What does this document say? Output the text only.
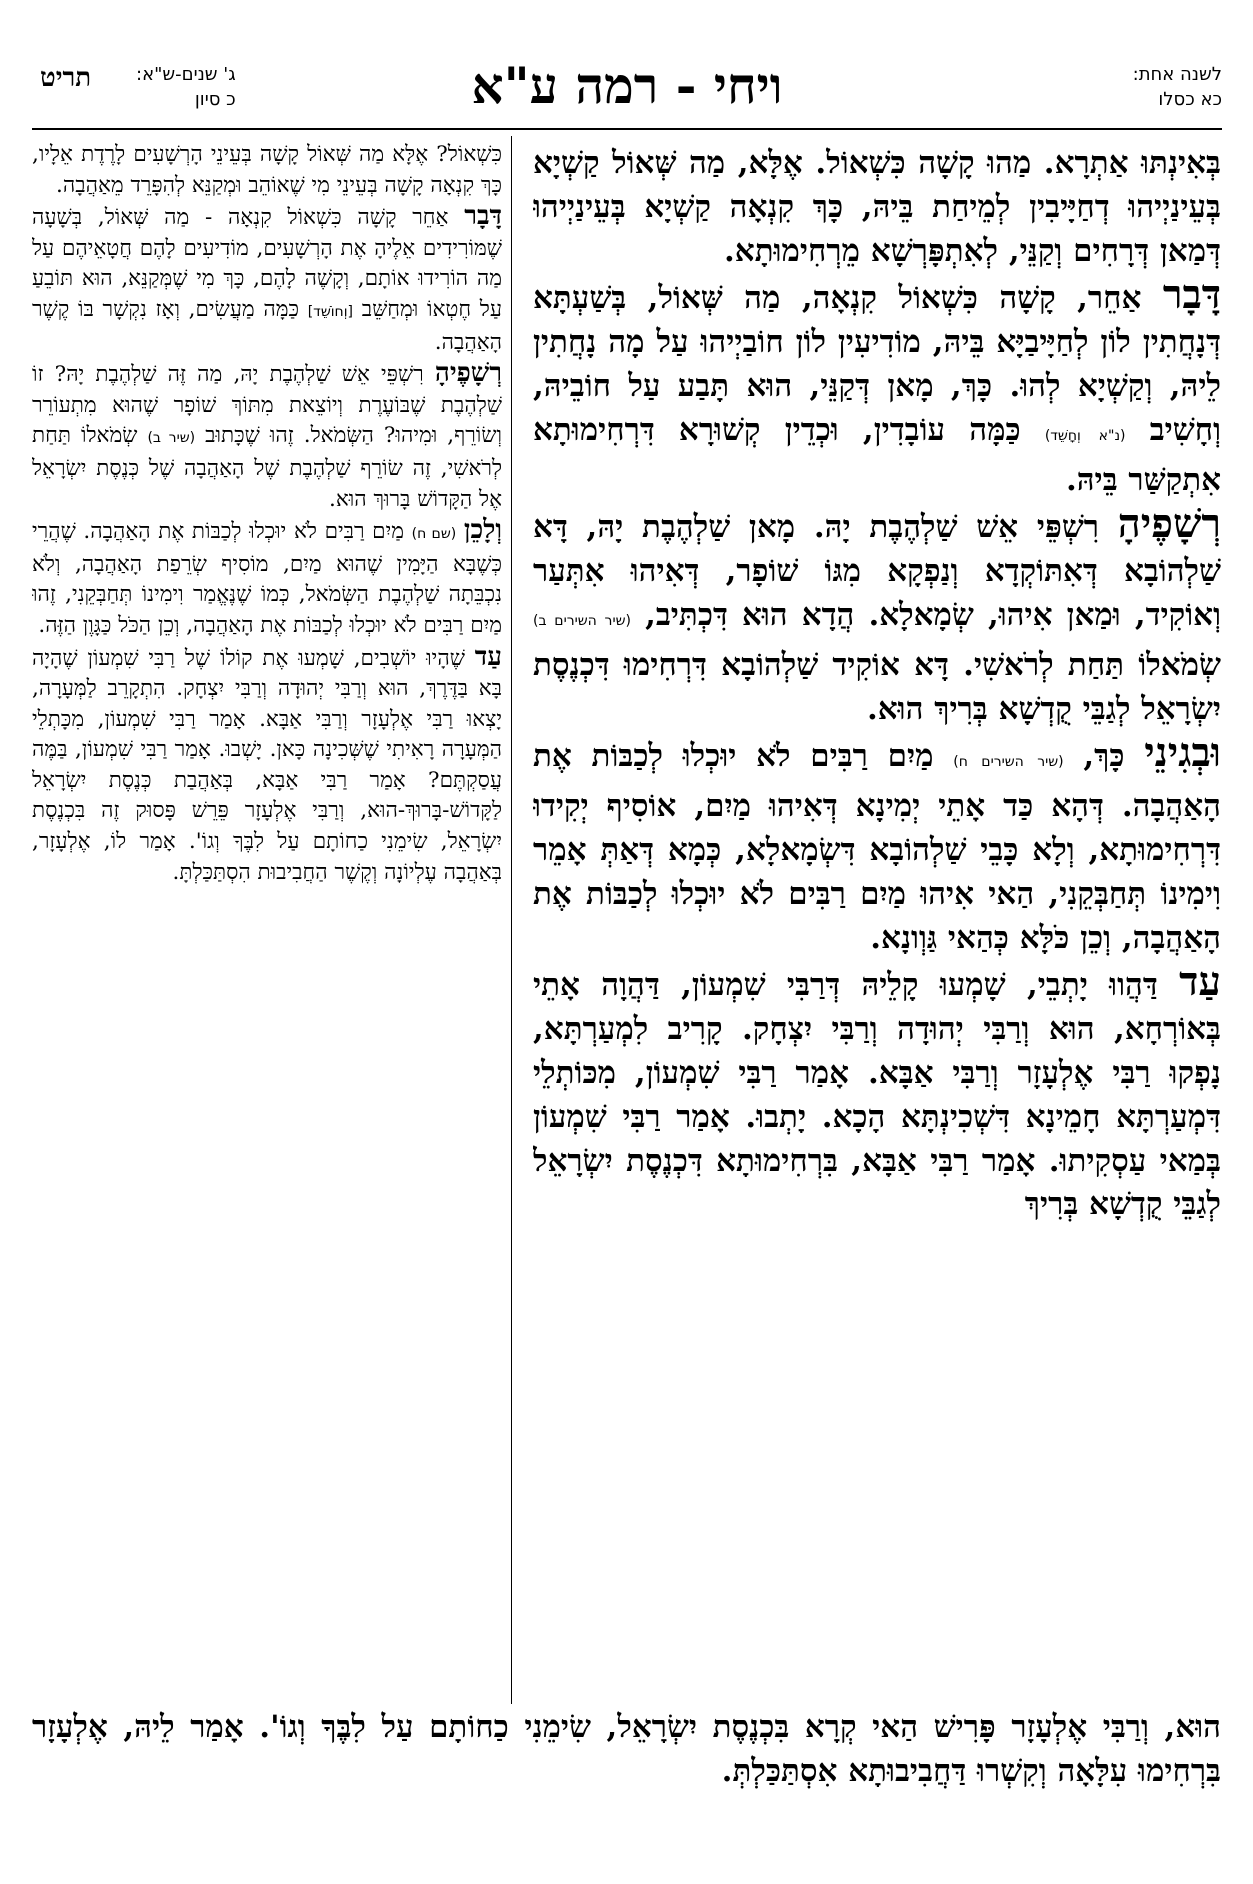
לשנה אחת:
כא כסלו
ויחי - רמה ע"א
ג' שנים-ש"א:
כ סיון
תריט

בְּאִינְתּוּ אַתְרָא. מַהוּ קָשָׁה כִּשְׁאוֹל. אֶלָּא, מַה שְּׁאוֹל קַשְׁיָא בְּעֵינַיְיהוּ דְחַיָּיבִין לְמֵיחַת בֵּיהּ, כָּךְ קִנְאָה קַשְׁיָא בְּעֵינַיְיהוּ דְּמַאן דְּרָחִים וְקַנֵּי, לְאִתְפָּרְשָׁא מֵרְחִימוּתָא.

דָּבָר אַחֵר, קָשָׁה כִּשְׁאוֹל קִנְאָה, מַה שְּׁאוֹל, בְּשַׁעְתָּא דְּנָחֲתִין לוֹן לְחַיָּיבַיָּא בֵּיהּ, מוֹדִיעִין לוֹן חוֹבַיְיהוּ עַל מָה נָחֲתִין לֵיהּ, וְקַשְׁיָא לְהוּ. כָּךְ, מָאן דְּקַנֵּי, הוּא תָּבַע עַל חוֹבֵיהּ, וְחָשִׁיב (נ"א וְחָשֵׁד) כַּמָּה עוֹבָדִין, וּכְדֵין קְשׁוּרָא דִּרְחִימוּתָא אִתְקַשַּׁר בֵּיהּ.

רְשָׁפֶיהָ רִשְׁפֵּי אֵשׁ שַׁלְהֶבֶת יָהּ. מָאן שַׁלְהֶבֶת יָהּ, דָּא שַׁלְהוֹבָא דְּאִתּוֹקְדָא וְנַפְקָא מִגּוֹ שׁוֹפָר, דְּאִיהוּ אִתְּעַר וְאוֹקִיד, וּמַאן אִיהוּ, שְׂמָאלָא. הֲדָא הוּא דִּכְתִּיב, (שיר השירים ב) שְׂמֹאלוֹ תַּחַת לְרֹאשִׁי. דָּא אוֹקִיד שַׁלְהוֹבָא דִּרְחִימוּ דִּכְנֶסֶת יִשְׂרָאֵל לְגַבֵּי קֻדְשָׁא בְּרִיךְ הוּא.

וּבְגִינֵי כָּךְ, (שיר השירים ח) מַיִם רַבִּים לֹא יוּכְלוּ לְכַבּוֹת אֶת הָאַהֲבָה. דְּהָא כַּד אָתֵי יְמִינָא דְּאִיהוּ מַיִם, אוֹסִיף יְקִידוּ דִּרְחִימוּתָא, וְלָא כָּבֵי שַׁלְהוֹבָא דִּשְׂמָאלָא, כְּמָא דְּאַתְּ אָמֵר וִימִינוֹ תְּחַבְּקֵנִי, הַאי אִיהוּ מַיִם רַבִּים לֹא יוּכְלוּ לְכַבּוֹת אֶת הָאַהֲבָה, וְכֵן כֹּלָּא כְּהַאי גַּוְונָא.

עַד דַּהֲווּ יָתְבֵי, שָׁמְעוּ קָלֵיהּ דְּרַבִּי שִׁמְעוֹן, דַּהֲוָה אָתֵי בְּאוֹרְחָא, הוּא וְרַבִּי יְהוּדָה וְרַבִּי יִצְחָק. קָרִיב לִמְעַרְתָּא, נָפְקוּ רַבִּי אֶלְעָזָר וְרַבִּי אַבָּא. אָמַר רַבִּי שִׁמְעוֹן, מִכּוֹתְלֵי דִּמְעַרְתָּא חָמֵינָא דִּשְׁכִינְתָּא הָכָא. יָתְבוּ. אָמַר רַבִּי שִׁמְעוֹן בְּמַאי עַסְקִיתוּ. אָמַר רַבִּי אַבָּא, בִּרְחִימוּתָא דִּכְנֶסֶת יִשְׂרָאֵל לְגַבֵּי קֻדְשָׁא בְּרִיךְ

כִּשְׁאוֹל? אֶלָּא מַה שְּׁאוֹל קָשָׁה בְּעֵינֵי הָרְשָׁעִים לָרֶדֶת אֵלָיו, כָּךְ קִנְאָה קָשָׁה בְּעֵינֵי מִי שֶׁאוֹהֵב וּמְקַנֵּא לְהִפָּרֵד מֵאַהֲבָה.

דָּבָר אַחֵר קָשָׁה כִּשְׁאוֹל קִנְאָה - מַה שְּׁאוֹל, בְּשָׁעָה שֶׁמּוֹרִידִים אֵלֶיהָ אֶת הָרְשָׁעִים, מוֹדִיעִים לָהֶם חֲטָאֵיהֶם עַל מַה הוֹרִידוּ אוֹתָם, וְקָשֶׁה לָהֶם, כָּךְ מִי שֶׁמְּקַנֵּא, הוּא תּוֹבֵעַ עַל חֶטְאוֹ וּמְחַשֵּׁב [וְחוֹשֵׁד] כַּמָּה מַעֲשִׂים, וְאָז נִקְשָׁר בּוֹ קֶשֶׁר הָאַהֲבָה.

רְשָׁפֶיהָ רִשְׁפֵּי אֵשׁ שַׁלְהֶבֶת יָהּ, מַה זֶּה שַׁלְהֶבֶת יָהּ? זוֹ שַׁלְהֶבֶת שֶׁבּוֹעֶרֶת וְיוֹצֵאת מִתּוֹךְ שׁוֹפָר שֶׁהוּא מִתְעוֹרֵר וְשׂוֹרֵף, וּמִיהוּ? הַשְּׂמֹאל. זֶהוּ שֶׁכָּתוּב (שיר ב) שְׂמֹאלוֹ תַּחַת לְרֹאשִׁי, זֶה שׂוֹרֵף שַׁלְהֶבֶת שֶׁל הָאַהֲבָה שֶׁל כְּנֶסֶת יִשְׂרָאֵל אֶל הַקָּדוֹשׁ בָּרוּךְ הוּא.

וְלָכֵן (שם ח) מַיִם רַבִּים לֹא יוּכְלוּ לְכַבּוֹת אֶת הָאַהֲבָה. שֶׁהֲרֵי כְּשֶׁבָּא הַיָּמִין שֶׁהוּא מַיִם, מוֹסִיף שְׂרֵפַת הָאַהֲבָה, וְלֹא נִכְבֵּתָה שַׁלְהֶבֶת הַשְּׂמֹאל, כְּמוֹ שֶׁנֶּאֱמַר וִימִינוֹ תְּחַבְּקֵנִי, זֶהוּ מַיִם רַבִּים לֹא יוּכְלוּ לְכַבּוֹת אֶת הָאַהֲבָה, וְכֵן הַכֹּל כַּגָּוֶן הַזֶּה.

עַד שֶׁהָיוּ יוֹשְׁבִים, שָׁמְעוּ אֶת קוֹלוֹ שֶׁל רַבִּי שִׁמְעוֹן שֶׁהָיָה בָּא בַּדֶּרֶךְ, הוּא וְרַבִּי יְהוּדָה וְרַבִּי יִצְחָק. הִתְקָרֵב לַמְּעָרָה, יָצְאוּ רַבִּי אֶלְעָזָר וְרַבִּי אַבָּא. אָמַר רַבִּי שִׁמְעוֹן, מִכָּתְלֵי הַמְּעָרָה רָאִיתִי שֶׁשְּׁכִינָה כָּאן. יָשְׁבוּ. אָמַר רַבִּי שִׁמְעוֹן, בַּמֶּה עֲסַקְתֶּם? אָמַר רַבִּי אַבָּא, בְּאַהֲבַת כְּנֶסֶת יִשְׂרָאֵל לַקָּדוֹשׁ-בָּרוּךְ-הוּא, וְרַבִּי אֶלְעָזָר פֵּרֵשׁ פָּסוּק זֶה בִּכְנֶסֶת יִשְׂרָאֵל, שִׂימֵנִי כַחוֹתָם עַל לִבֶּךָ וְגוֹ'. אָמַר לוֹ, אֶלְעָזָר, בְּאַהֲבָה עֶלְיוֹנָה וְקֶשֶׁר הַחֲבִיבוּת הִסְתַּכַּלְתָּ.

הוּא, וְרַבִּי אֶלְעָזָר פָּרִישׁ הַאי קְרָא בִּכְנֶסֶת יִשְׂרָאֵל, שִׂימֵנִי כַחוֹתָם עַל לִבֶּךָ וְגוֹ'. אָמַר לֵיהּ, אֶלְעָזָר בִּרְחִימוּ עִלָּאָה וְקִשְׁרוּ דַּחֲבִיבוּתָא אִסְתַּכַּלְתְּ.
